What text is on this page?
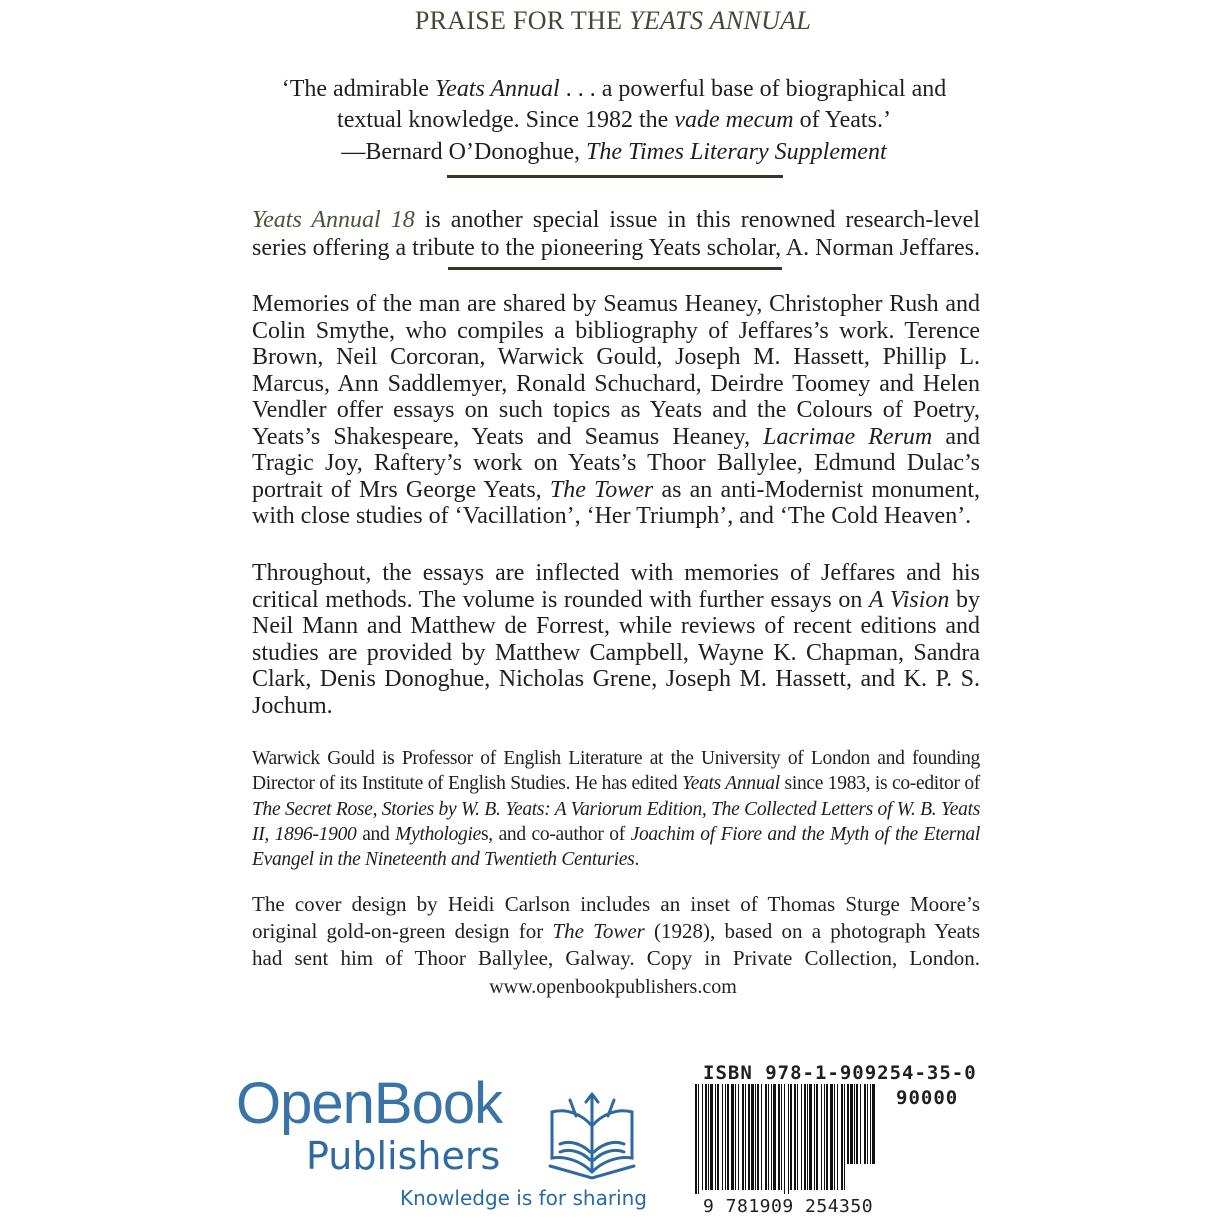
PRAISE FOR THE YEATS ANNUAL
‘The admirable Yeats Annual . . . a powerful base of biographical and textual knowledge. Since 1982 the vade mecum of Yeats.’
—Bernard O’Donoghue, The Times Literary Supplement
Yeats Annual 18 is another special issue in this renowned research-level series offering a tribute to the pioneering Yeats scholar, A. Norman Jeffares.
Memories of the man are shared by Seamus Heaney, Christopher Rush and Colin Smythe, who compiles a bibliography of Jeffares’s work. Terence Brown, Neil Corcoran, Warwick Gould, Joseph M. Hassett, Phillip L. Marcus, Ann Saddlemyer, Ronald Schuchard, Deirdre Toomey and Helen Vendler offer essays on such topics as Yeats and the Colours of Poetry, Yeats’s Shakespeare, Yeats and Seamus Heaney, Lacrimae Rerum and Tragic Joy, Raftery’s work on Yeats’s Thoor Ballylee, Edmund Dulac’s portrait of Mrs George Yeats, The Tower as an anti-Modernist monument, with close studies of ‘Vacillation’, ‘Her Triumph’, and ‘The Cold Heaven’.
Throughout, the essays are inflected with memories of Jeffares and his critical methods. The volume is rounded with further essays on A Vision by Neil Mann and Matthew de Forrest, while reviews of recent editions and studies are provided by Matthew Campbell, Wayne K. Chapman, Sandra Clark, Denis Donoghue, Nicholas Grene, Joseph M. Hassett, and K. P. S. Jochum.
Warwick Gould is Professor of English Literature at the University of London and founding Director of its Institute of English Studies. He has edited Yeats Annual since 1983, is co-editor of The Secret Rose, Stories by W. B. Yeats: A Variorum Edition, The Collected Letters of W. B. Yeats II, 1896-1900 and Mythologies, and co-author of Joachim of Fiore and the Myth of the Eternal Evangel in the Nineteenth and Twentieth Centuries.
The cover design by Heidi Carlson includes an inset of Thomas Sturge Moore’s
original gold-on-green design for The Tower (1928), based on a photograph Yeats
had sent him of Thoor Ballylee, Galway. Copy in Private Collection, London.
www.openbookpublishers.com
OpenBook
Publishers
Knowledge is for sharing
ISBN 978-1-909254-35-0
90000
9 781909 254350
